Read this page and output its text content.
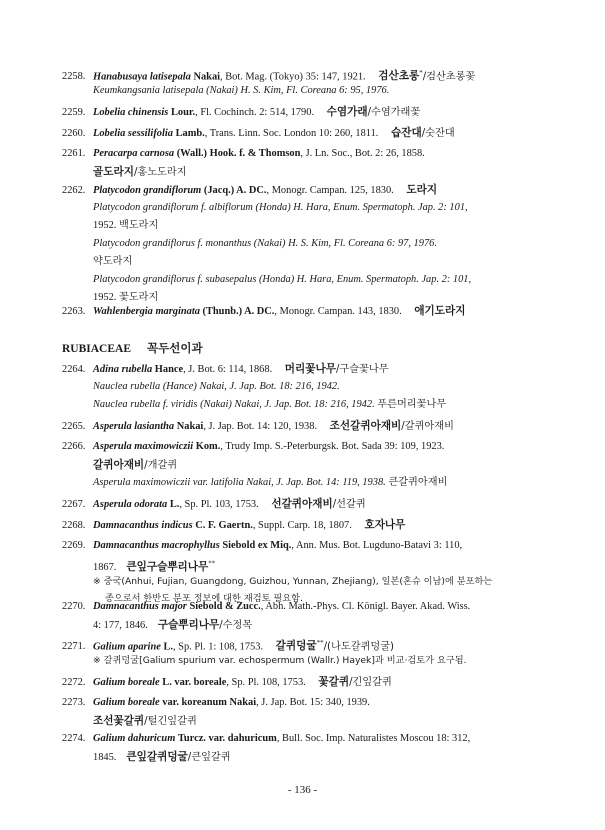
2258. Hanabusaya latisepala Nakai, Bot. Mag. (Tokyo) 35: 147, 1921. 검산초롱*/검산초롱꽃
Keumkangsania latisepala (Nakai) H. S. Kim, Fl. Coreana 6: 95, 1976.
2259. Lobelia chinensis Lour., Fl. Cochinch. 2: 514, 1790. 수염가래/수염가래꽃
2260. Lobelia sessilifolia Lamb., Trans. Linn. Soc. London 10: 260, 1811. 습잔대/숫잔대
2261. Peracarpa carnosa (Wall.) Hook. f. & Thomson, J. Ln. Soc., Bot. 2: 26, 1858.
골도라지/홍노도라지
2262. Platycodon grandiflorum (Jacq.) A. DC., Monogr. Campan. 125, 1830. 도라지
Platycodon grandiflorum f. albiflorum (Honda) H. Hara, Enum. Spermatoph. Jap. 2: 101,
1952. 백도라지
Platycodon grandiflorus f. monanthus (Nakai) H. S. Kim, Fl. Coreana 6: 97, 1976.
약도라지
Platycodon grandiflorus f. subasepalus (Honda) H. Hara, Enum. Spermatoph. Jap. 2: 101,
1952. 꽃도라지
2263. Wahlenbergia marginata (Thunb.) A. DC., Monogr. Campan. 143, 1830. 애기도라지
RUBIACEAE 꼭두선이과
2264. Adina rubella Hance, J. Bot. 6: 114, 1868. 머리꽃나무/구슬꽃나무
Nauclea rubella (Hance) Nakai, J. Jap. Bot. 18: 216, 1942.
Nauclea rubella f. viridis (Nakai) Nakai, J. Jap. Bot. 18: 216, 1942. 푸른머리꽃나무
2265. Asperula lasiantha Nakai, J. Jap. Bot. 14: 120, 1938. 조선갈퀴아재비/갈퀴아재비
2266. Asperula maximowiczii Kom., Trudy Imp. S.-Peterburgsk. Bot. Sada 39: 109, 1923.
갈퀴아재비/개갈퀴
Asperula maximowiczii var. latifolia Nakai, J. Jap. Bot. 14: 119, 1938. 큰갈퀴아재비
2267. Asperula odorata L., Sp. Pl. 103, 1753. 선갈퀴아재비/선갈퀴
2268. Damnacanthus indicus C. F. Gaertn., Suppl. Carp. 18, 1807. 호자나무
2269. Damnacanthus macrophyllus Siebold ex Miq., Ann. Mus. Bot. Lugduno-Batavi 3: 110,
1867. 큰잎구슬뿌리나무**
※ 중국(Anhui, Fujian, Guangdong, Guizhou, Yunnan, Zhejiang), 일본(혼슈 이남)에 분포하는
종으로서 한반도 분포 정보에 대한 재검토 필요함.
2270. Damnacanthus major Siebold & Zucc., Abh. Math.-Phys. Cl. Königl. Bayer. Akad. Wiss.
4: 177, 1846. 구슬뿌리나무/수정목
2271. Galium aparine L., Sp. Pl. 1: 108, 1753. 갈퀴덩굴**/(나도갈퀴덩굴)
※ 갈퀴덩굴[Galium spurium var. echospermum (Wallr.) Hayek]과 비교·검토가 요구됨.
2272. Galium boreale L. var. boreale, Sp. Pl. 108, 1753. 꽃갈퀴/긴잎갈퀴
2273. Galium boreale var. koreanum Nakai, J. Jap. Bot. 15: 340, 1939.
조선꽃갈퀴/털긴잎갈퀴
2274. Galium dahuricum Turcz. var. dahuricum, Bull. Soc. Imp. Naturalistes Moscou 18: 312,
1845. 큰잎갈퀴덩굴/큰잎갈퀴
- 136 -
